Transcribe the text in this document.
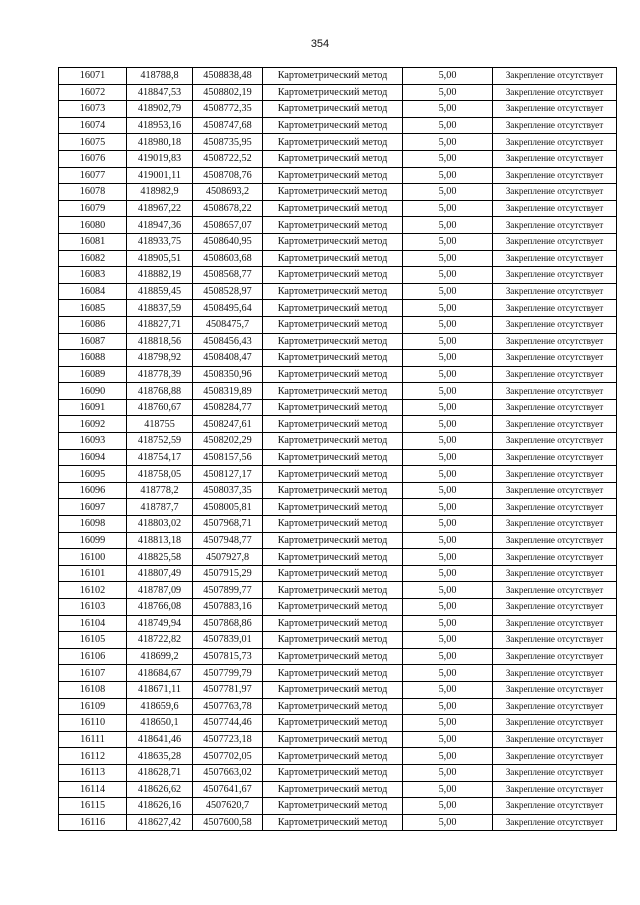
354
16071	418788,8	4508838,48	Картометрический метод	5,00	Закрепление отсутствует
16072	418847,53	4508802,19	Картометрический метод	5,00	Закрепление отсутствует
16073	418902,79	4508772,35	Картометрический метод	5,00	Закрепление отсутствует
16074	418953,16	4508747,68	Картометрический метод	5,00	Закрепление отсутствует
16075	418980,18	4508735,95	Картометрический метод	5,00	Закрепление отсутствует
16076	419019,83	4508722,52	Картометрический метод	5,00	Закрепление отсутствует
16077	419001,11	4508708,76	Картометрический метод	5,00	Закрепление отсутствует
16078	418982,9	4508693,2	Картометрический метод	5,00	Закрепление отсутствует
16079	418967,22	4508678,22	Картометрический метод	5,00	Закрепление отсутствует
16080	418947,36	4508657,07	Картометрический метод	5,00	Закрепление отсутствует
16081	418933,75	4508640,95	Картометрический метод	5,00	Закрепление отсутствует
16082	418905,51	4508603,68	Картометрический метод	5,00	Закрепление отсутствует
16083	418882,19	4508568,77	Картометрический метод	5,00	Закрепление отсутствует
16084	418859,45	4508528,97	Картометрический метод	5,00	Закрепление отсутствует
16085	418837,59	4508495,64	Картометрический метод	5,00	Закрепление отсутствует
16086	418827,71	4508475,7	Картометрический метод	5,00	Закрепление отсутствует
16087	418818,56	4508456,43	Картометрический метод	5,00	Закрепление отсутствует
16088	418798,92	4508408,47	Картометрический метод	5,00	Закрепление отсутствует
16089	418778,39	4508350,96	Картометрический метод	5,00	Закрепление отсутствует
16090	418768,88	4508319,89	Картометрический метод	5,00	Закрепление отсутствует
16091	418760,67	4508284,77	Картометрический метод	5,00	Закрепление отсутствует
16092	418755	4508247,61	Картометрический метод	5,00	Закрепление отсутствует
16093	418752,59	4508202,29	Картометрический метод	5,00	Закрепление отсутствует
16094	418754,17	4508157,56	Картометрический метод	5,00	Закрепление отсутствует
16095	418758,05	4508127,17	Картометрический метод	5,00	Закрепление отсутствует
16096	418778,2	4508037,35	Картометрический метод	5,00	Закрепление отсутствует
16097	418787,7	4508005,81	Картометрический метод	5,00	Закрепление отсутствует
16098	418803,02	4507968,71	Картометрический метод	5,00	Закрепление отсутствует
16099	418813,18	4507948,77	Картометрический метод	5,00	Закрепление отсутствует
16100	418825,58	4507927,8	Картометрический метод	5,00	Закрепление отсутствует
16101	418807,49	4507915,29	Картометрический метод	5,00	Закрепление отсутствует
16102	418787,09	4507899,77	Картометрический метод	5,00	Закрепление отсутствует
16103	418766,08	4507883,16	Картометрический метод	5,00	Закрепление отсутствует
16104	418749,94	4507868,86	Картометрический метод	5,00	Закрепление отсутствует
16105	418722,82	4507839,01	Картометрический метод	5,00	Закрепление отсутствует
16106	418699,2	4507815,73	Картометрический метод	5,00	Закрепление отсутствует
16107	418684,67	4507799,79	Картометрический метод	5,00	Закрепление отсутствует
16108	418671,11	4507781,97	Картометрический метод	5,00	Закрепление отсутствует
16109	418659,6	4507763,78	Картометрический метод	5,00	Закрепление отсутствует
16110	418650,1	4507744,46	Картометрический метод	5,00	Закрепление отсутствует
16111	418641,46	4507723,18	Картометрический метод	5,00	Закрепление отсутствует
16112	418635,28	4507702,05	Картометрический метод	5,00	Закрепление отсутствует
16113	418628,71	4507663,02	Картометрический метод	5,00	Закрепление отсутствует
16114	418626,62	4507641,67	Картометрический метод	5,00	Закрепление отсутствует
16115	418626,16	4507620,7	Картометрический метод	5,00	Закрепление отсутствует
16116	418627,42	4507600,58	Картометрический метод	5,00	Закрепление отсутствует
